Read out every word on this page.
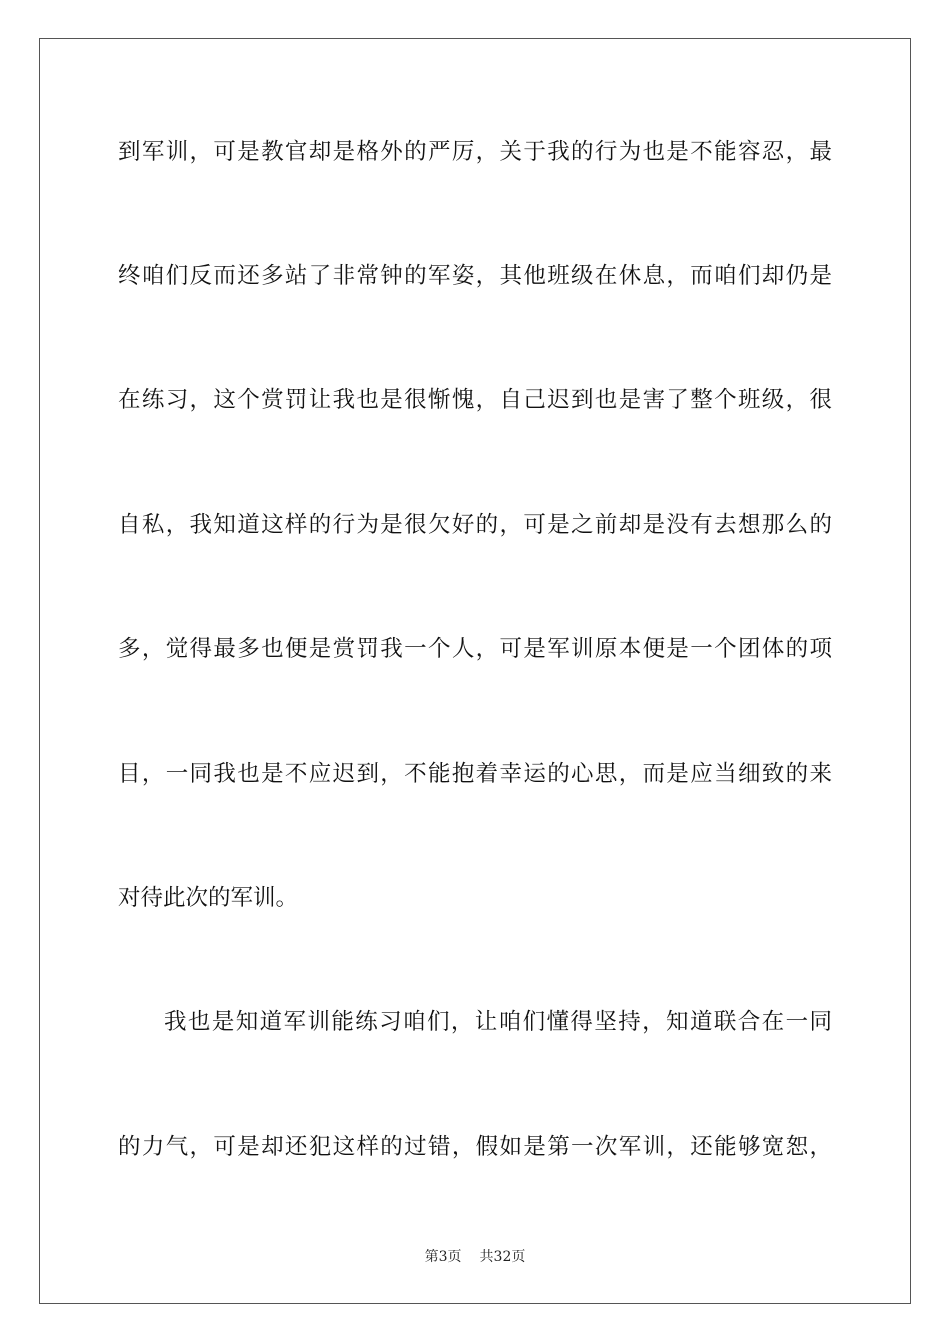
到军训，可是教官却是格外的严厉，关于我的行为也是不能容忍，最
终咱们反而还多站了非常钟的军姿，其他班级在休息，而咱们却仍是
在练习，这个赏罚让我也是很惭愧，自己迟到也是害了整个班级，很
自私，我知道这样的行为是很欠好的，可是之前却是没有去想那么的
多，觉得最多也便是赏罚我一个人，可是军训原本便是一个团体的项
目，一同我也是不应迟到，不能抱着幸运的心思，而是应当细致的来
对待此次的军训。
我也是知道军训能练习咱们，让咱们懂得坚持，知道联合在一同
的力气，可是却还犯这样的过错，假如是第一次军训，还能够宽恕，
第3页 共32页
